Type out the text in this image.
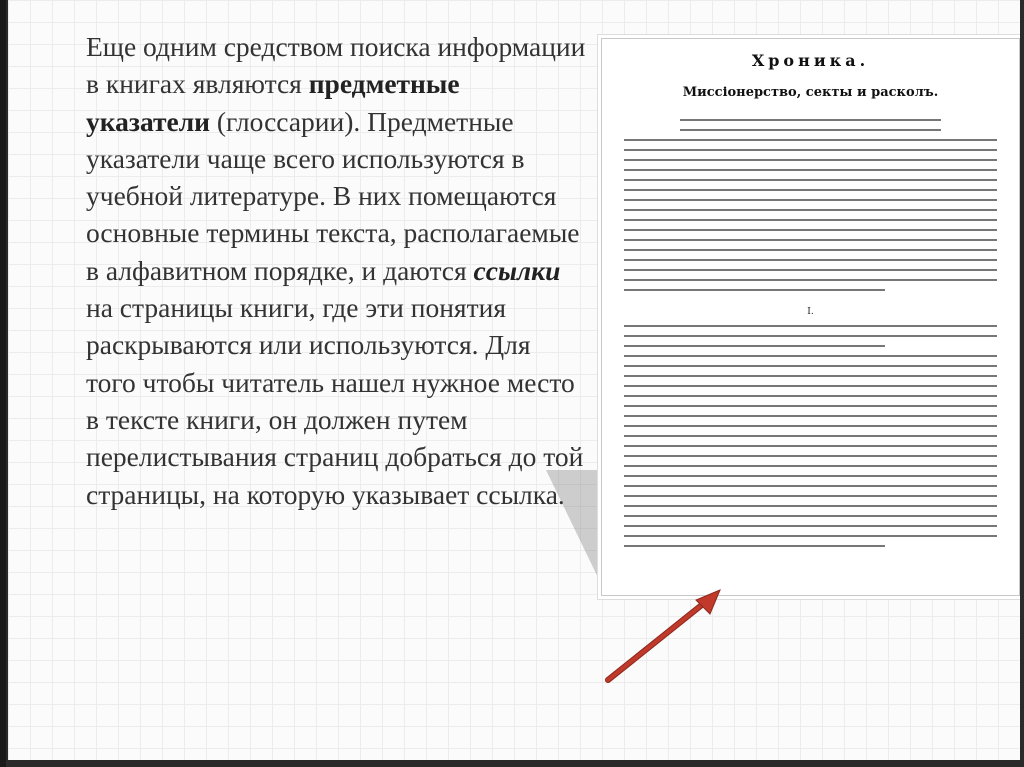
Еще одним средством поиска информации в книгах являются предметные указатели (глоссарии). Предметные указатели чаще всего используются в учебной литературе. В них помещаются основные термины текста, располагаемые в алфавитном порядке, и даются ссылки на страницы книги, где эти понятия раскрываются или используются. Для того чтобы читатель нашел нужное место в тексте книги, он должен путем перелистывания страниц добраться до той страницы, на которую указывает ссылка.

Хроника.
Миссіонерство, секты и расколъ.
I.
